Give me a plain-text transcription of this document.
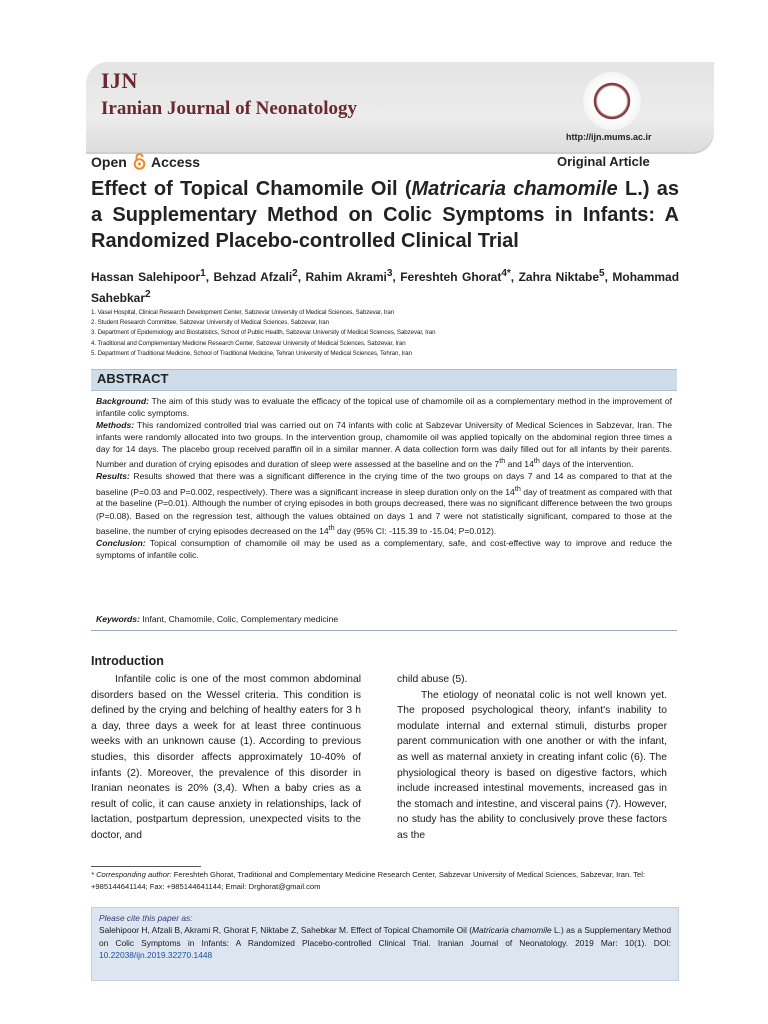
IJN
Iranian Journal of Neonatology
http://ijn.mums.ac.ir
Open Access	Original Article
Effect of Topical Chamomile Oil (Matricaria chamomile L.) as a Supplementary Method on Colic Symptoms in Infants: A Randomized Placebo-controlled Clinical Trial
Hassan Salehipoor$^1$, Behzad Afzali$^2$, Rahim Akrami$^3$, Fereshteh Ghorat$^{4*}$, Zahra Niktabe$^5$, Mohammad Sahebkar$^2$
1. Vasei Hospital, Clinical Research Development Center, Sabzevar University of Medical Sciences, Sabzevar, Iran
2. Student Research Committee, Sabzevar University of Medical Sciences, Sabzevar, Iran
3. Department of Epidemiology and Biostatistics, School of Public Health, Sabzevar University of Medical Sciences, Sabzevar, Iran
4. Traditional and Complementary Medicine Research Center, Sabzevar University of Medical Sciences, Sabzevar, Iran
5. Department of Traditional Medicine, School of Traditional Medicine, Tehran University of Medical Sciences, Tehran, Iran
ABSTRACT

Background: The aim of this study was to evaluate the efficacy of the topical use of chamomile oil as a complementary method in the improvement of infantile colic symptoms.

Methods: This randomized controlled trial was carried out on 74 infants with colic at Sabzevar University of Medical Sciences in Sabzevar, Iran. The infants were randomly allocated into two groups. In the intervention group, chamomile oil was applied topically on the abdominal region three times a day for 14 days. The placebo group received paraffin oil in a similar manner. A data collection form was daily filled out for all infants by their parents. Number and duration of crying episodes and duration of sleep were assessed at the baseline and on the 7th and 14th days of the intervention.

Results: Results showed that there was a significant difference in the crying time of the two groups on days 7 and 14 as compared to that at the baseline (P=0.03 and P=0.002, respectively). There was a significant increase in sleep duration only on the 14th day of treatment as compared with that at the baseline (P=0.01). Although the number of crying episodes in both groups decreased, there was no significant difference between the two groups (P=0.08). Based on the regression test, although the values obtained on days 1 and 7 were not statistically significant, compared to those at the baseline, the number of crying episodes decreased on the 14th day (95% CI: -115.39 to -15.04; P=0.012).

Conclusion: Topical consumption of chamomile oil may be used as a complementary, safe, and cost-effective way to improve and reduce the symptoms of infantile colic.

Keywords: Infant, Chamomile, Colic, Complementary medicine
Introduction

Infantile colic is one of the most common abdominal disorders based on the Wessel criteria. This condition is defined by the crying and belching of healthy eaters for 3 h a day, three days a week for at least three continuous weeks with an unknown cause (1). According to previous studies, this disorder affects approximately 10-40% of infants (2). Moreover, the prevalence of this disorder in Iranian neonates is 20% (3,4). When a baby cries as a result of colic, it can cause anxiety in relationships, lack of lactation, postpartum depression, unexpected visits to the doctor, and

child abuse (5).

The etiology of neonatal colic is not well known yet. The proposed psychological theory, infant's inability to modulate internal and external stimuli, disturbs proper parent communication with one another or with the infant, as well as maternal anxiety in creating infant colic (6). The physiological theory is based on digestive factors, which include increased intestinal movements, increased gas in the stomach and intestine, and visceral pains (7). However, no study has the ability to conclusively prove these factors as the

* Corresponding author: Fereshteh Ghorat, Traditional and Complementary Medicine Research Center, Sabzevar University of Medical Sciences, Sabzevar, Iran. Tel: +985144641144; Fax: +985144641144; Email: Drghorat@gmail.com
Please cite this paper as:
Salehipoor H, Afzali B, Akrami R, Ghorat F, Niktabe Z, Sahebkar M. Effect of Topical Chamomile Oil (Matricaria chamomile L.) as a Supplementary Method on Colic Symptoms in Infants: A Randomized Placebo-controlled Clinical Trial. Iranian Journal of Neonatology. 2019 Mar: 10(1). DOI: 10.22038/ijn.2019.32270.1448
